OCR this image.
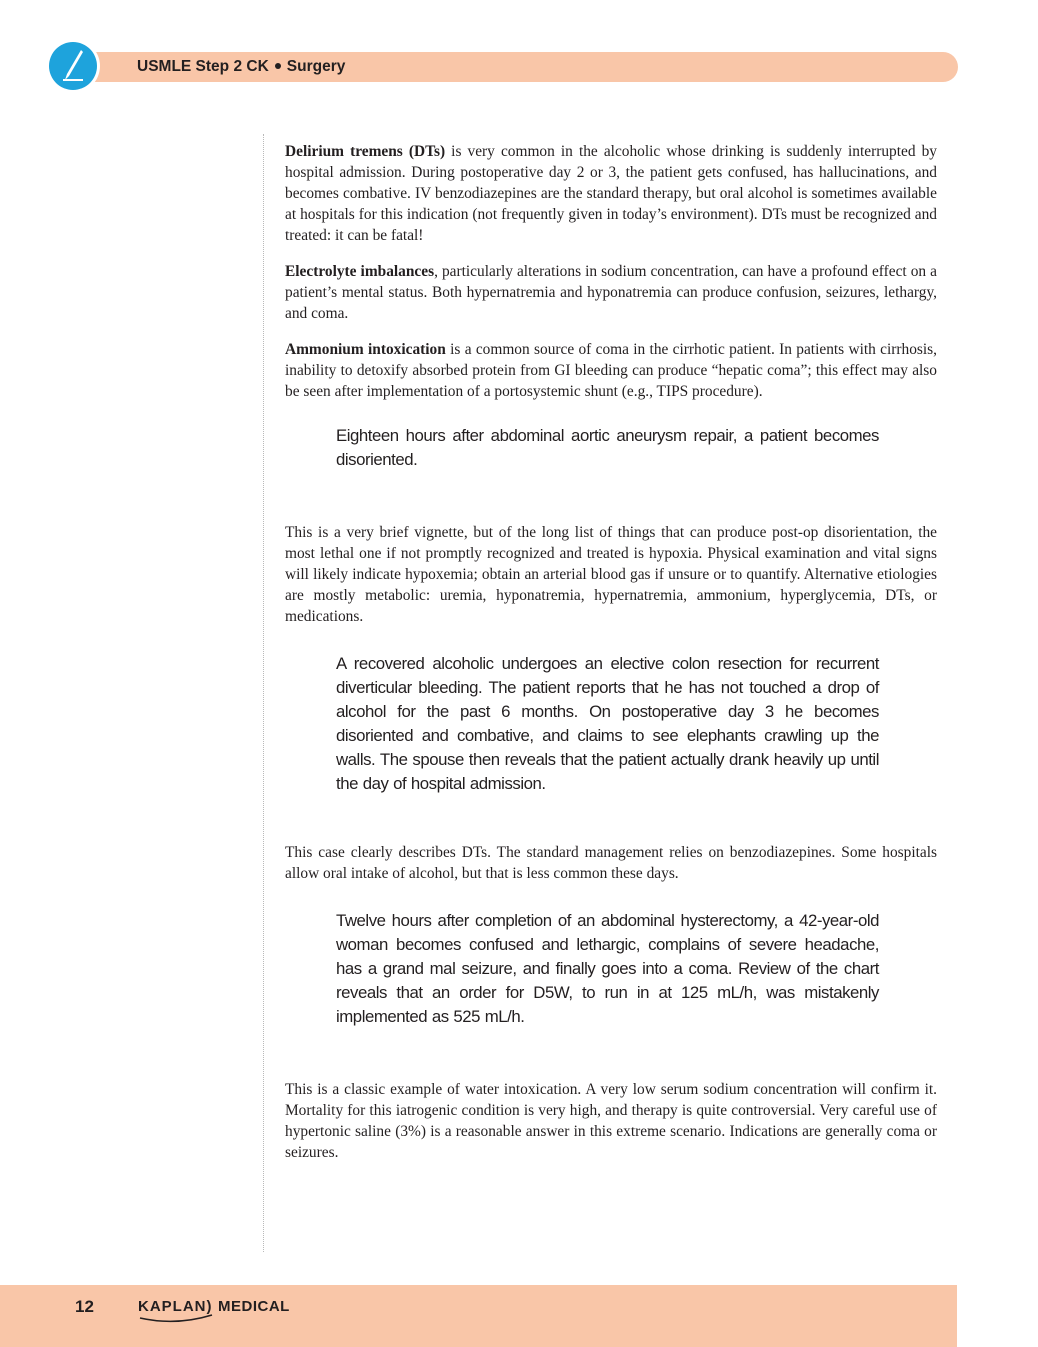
USMLE Step 2 CK Surgery

Delirium tremens (DTs) is very common in the alcoholic whose drinking is suddenly interrupted by hospital admission. During postoperative day 2 or 3, the patient gets confused, has hallucinations, and becomes combative. IV benzodiazepines are the standard therapy, but oral alcohol is sometimes available at hospitals for this indication (not frequently given in today’s environment). DTs must be recognized and treated: it can be fatal!

Electrolyte imbalances, particularly alterations in sodium concentration, can have a profound effect on a patient’s mental status. Both hypernatremia and hyponatremia can produce confusion, seizures, lethargy, and coma.

Ammonium intoxication is a common source of coma in the cirrhotic patient. In patients with cirrhosis, inability to detoxify absorbed protein from GI bleeding can produce “hepatic coma”; this effect may also be seen after implementation of a portosystemic shunt (e.g., TIPS procedure).

Eighteen hours after abdominal aortic aneurysm repair, a patient becomes disoriented.

This is a very brief vignette, but of the long list of things that can produce post-op disorientation, the most lethal one if not promptly recognized and treated is hypoxia. Physical examination and vital signs will likely indicate hypoxemia; obtain an arterial blood gas if unsure or to quantify. Alternative etiologies are mostly metabolic: uremia, hyponatremia, hypernatremia, ammonium, hyperglycemia, DTs, or medications.

A recovered alcoholic undergoes an elective colon resection for recurrent diverticular bleeding. The patient reports that he has not touched a drop of alcohol for the past 6 months. On postoperative day 3 he becomes disoriented and combative, and claims to see elephants crawling up the walls. The spouse then reveals that the patient actually drank heavily up until the day of hospital admission.

This case clearly describes DTs. The standard management relies on benzodiazepines. Some hospitals allow oral intake of alcohol, but that is less common these days.

Twelve hours after completion of an abdominal hysterectomy, a 42-year-old woman becomes confused and lethargic, complains of severe headache, has a grand mal seizure, and finally goes into a coma. Review of the chart reveals that an order for D5W, to run in at 125 mL/h, was mistakenly implemented as 525 mL/h.

This is a classic example of water intoxication. A very low serum sodium concentration will confirm it. Mortality for this iatrogenic condition is very high, and therapy is quite controversial. Very careful use of hypertonic saline (3%) is a reasonable answer in this extreme scenario. Indications are generally coma or seizures.

12	KAPLAN) MEDICAL
